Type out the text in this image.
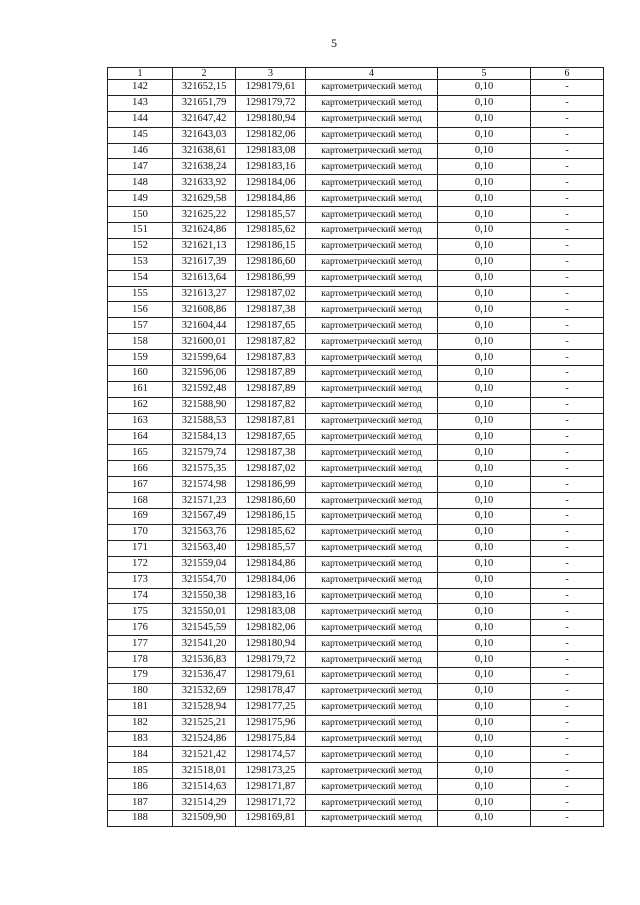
5
1	2	3	4	5	6
142	321652,15	1298179,61	картометрический метод	0,10	-
143	321651,79	1298179,72	картометрический метод	0,10	-
144	321647,42	1298180,94	картометрический метод	0,10	-
145	321643,03	1298182,06	картометрический метод	0,10	-
146	321638,61	1298183,08	картометрический метод	0,10	-
147	321638,24	1298183,16	картометрический метод	0,10	-
148	321633,92	1298184,06	картометрический метод	0,10	-
149	321629,58	1298184,86	картометрический метод	0,10	-
150	321625,22	1298185,57	картометрический метод	0,10	-
151	321624,86	1298185,62	картометрический метод	0,10	-
152	321621,13	1298186,15	картометрический метод	0,10	-
153	321617,39	1298186,60	картометрический метод	0,10	-
154	321613,64	1298186,99	картометрический метод	0,10	-
155	321613,27	1298187,02	картометрический метод	0,10	-
156	321608,86	1298187,38	картометрический метод	0,10	-
157	321604,44	1298187,65	картометрический метод	0,10	-
158	321600,01	1298187,82	картометрический метод	0,10	-
159	321599,64	1298187,83	картометрический метод	0,10	-
160	321596,06	1298187,89	картометрический метод	0,10	-
161	321592,48	1298187,89	картометрический метод	0,10	-
162	321588,90	1298187,82	картометрический метод	0,10	-
163	321588,53	1298187,81	картометрический метод	0,10	-
164	321584,13	1298187,65	картометрический метод	0,10	-
165	321579,74	1298187,38	картометрический метод	0,10	-
166	321575,35	1298187,02	картометрический метод	0,10	-
167	321574,98	1298186,99	картометрический метод	0,10	-
168	321571,23	1298186,60	картометрический метод	0,10	-
169	321567,49	1298186,15	картометрический метод	0,10	-
170	321563,76	1298185,62	картометрический метод	0,10	-
171	321563,40	1298185,57	картометрический метод	0,10	-
172	321559,04	1298184,86	картометрический метод	0,10	-
173	321554,70	1298184,06	картометрический метод	0,10	-
174	321550,38	1298183,16	картометрический метод	0,10	-
175	321550,01	1298183,08	картометрический метод	0,10	-
176	321545,59	1298182,06	картометрический метод	0,10	-
177	321541,20	1298180,94	картометрический метод	0,10	-
178	321536,83	1298179,72	картометрический метод	0,10	-
179	321536,47	1298179,61	картометрический метод	0,10	-
180	321532,69	1298178,47	картометрический метод	0,10	-
181	321528,94	1298177,25	картометрический метод	0,10	-
182	321525,21	1298175,96	картометрический метод	0,10	-
183	321524,86	1298175,84	картометрический метод	0,10	-
184	321521,42	1298174,57	картометрический метод	0,10	-
185	321518,01	1298173,25	картометрический метод	0,10	-
186	321514,63	1298171,87	картометрический метод	0,10	-
187	321514,29	1298171,72	картометрический метод	0,10	-
188	321509,90	1298169,81	картометрический метод	0,10	-
